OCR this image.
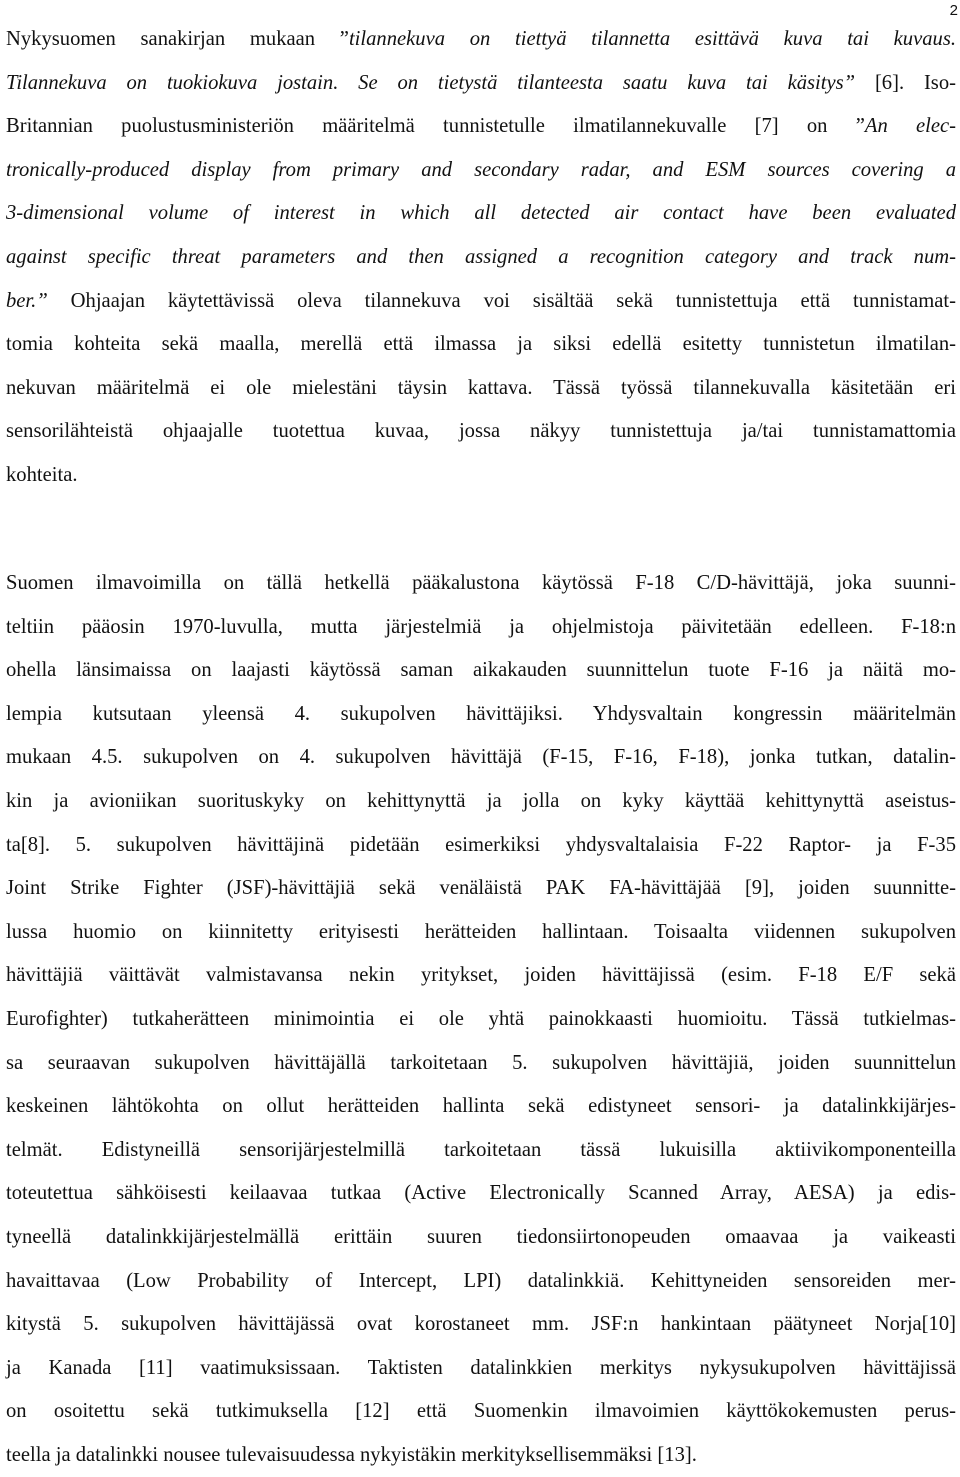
2
Nykysuomen sanakirjan mukaan ”tilannekuva on tiettyä tilannetta esittävä kuva tai kuvaus.
Tilannekuva on tuokiokuva jostain. Se on tietystä tilanteesta saatu kuva tai käsitys” [6]. Iso-
Britannian puolustusministeriön määritelmä tunnistetulle ilmatilannekuvalle [7] on ”An elec-
tronically-produced display from primary and secondary radar, and ESM sources covering a
3-dimensional volume of interest in which all detected air contact have been evaluated
against specific threat parameters and then assigned a recognition category and track num-
ber.” Ohjaajan käytettävissä oleva tilannekuva voi sisältää sekä tunnistettuja että tunnistamat-
tomia kohteita sekä maalla, merellä että ilmassa ja siksi edellä esitetty tunnistetun ilmatilan-
nekuvan määritelmä ei ole mielestäni täysin kattava. Tässä työssä tilannekuvalla käsitetään eri
sensorilähteistä ohjaajalle tuotettua kuvaa, jossa näkyy tunnistettuja ja/tai tunnistamattomia
kohteita.
Suomen ilmavoimilla on tällä hetkellä pääkalustona käytössä F-18 C/D-hävittäjä, joka suunni-
teltiin pääosin 1970-luvulla, mutta järjestelmiä ja ohjelmistoja päivitetään edelleen. F-18:n
ohella länsimaissa on laajasti käytössä saman aikakauden suunnittelun tuote F-16 ja näitä mo-
lempia kutsutaan yleensä 4. sukupolven hävittäjiksi. Yhdysvaltain kongressin määritelmän
mukaan 4.5. sukupolven on 4. sukupolven hävittäjä (F-15, F-16, F-18), jonka tutkan, datalin-
kin ja avioniikan suorituskyky on kehittynyttä ja jolla on kyky käyttää kehittynyttä aseistus-
ta[8]. 5. sukupolven hävittäjinä pidetään esimerkiksi yhdysvaltalaisia F-22 Raptor- ja F-35
Joint Strike Fighter (JSF)-hävittäjiä sekä venäläistä PAK FA-hävittäjää [9], joiden suunnitte-
lussa huomio on kiinnitetty erityisesti herätteiden hallintaan. Toisaalta viidennen sukupolven
hävittäjiä väittävät valmistavansa nekin yritykset, joiden hävittäjissä (esim. F-18 E/F sekä
Eurofighter) tutkaherätteen minimointia ei ole yhtä painokkaasti huomioitu. Tässä tutkielmas-
sa seuraavan sukupolven hävittäjällä tarkoitetaan 5. sukupolven hävittäjiä, joiden suunnittelun
keskeinen lähtökohta on ollut herätteiden hallinta sekä edistyneet sensori- ja datalinkkijärjes-
telmät. Edistyneillä sensorijärjestelmillä tarkoitetaan tässä lukuisilla aktiivikomponenteilla
toteutettua sähköisesti keilaavaa tutkaa (Active Electronically Scanned Array, AESA) ja edis-
tyneellä datalinkkijärjestelmällä erittäin suuren tiedonsiirtonopeuden omaavaa ja vaikeasti
havaittavaa (Low Probability of Intercept, LPI) datalinkkiä. Kehittyneiden sensoreiden mer-
kitystä 5. sukupolven hävittäjässä ovat korostaneet mm. JSF:n hankintaan päätyneet Norja[10]
ja Kanada [11] vaatimuksissaan. Taktisten datalinkkien merkitys nykysukupolven hävittäjissä
on osoitettu sekä tutkimuksella [12] että Suomenkin ilmavoimien käyttökokemusten perus-
teella ja datalinkki nousee tulevaisuudessa nykyistäkin merkityksellisemmäksi [13].
